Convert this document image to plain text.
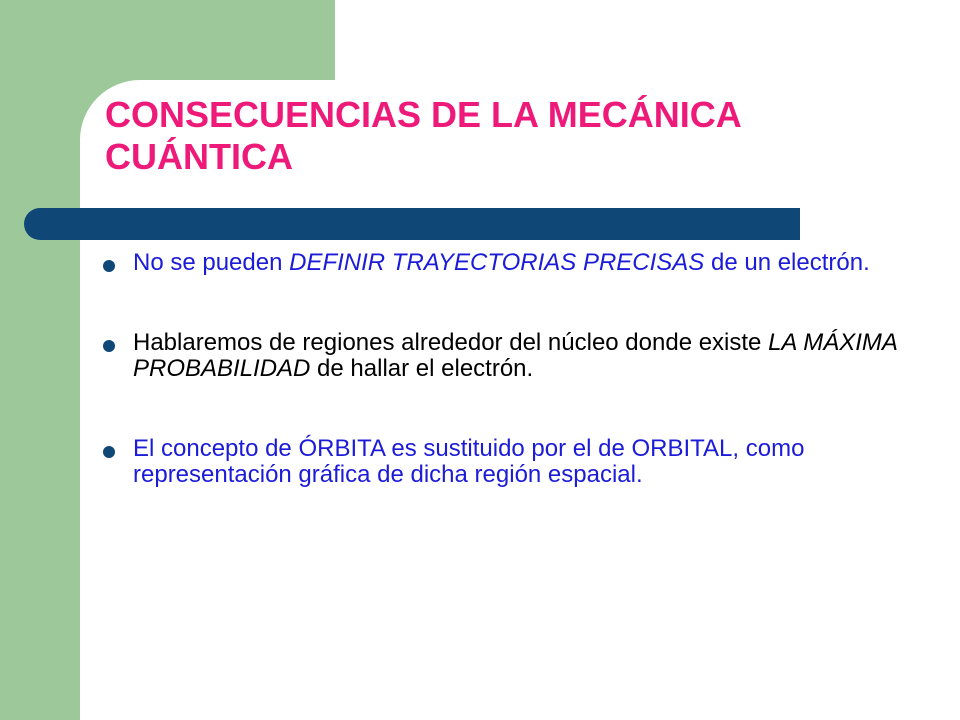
CONSECUENCIAS DE LA MECÁNICA
CUÁNTICA
No se pueden DEFINIR TRAYECTORIAS PRECISAS de un electrón.
Hablaremos de regiones alrededor del núcleo donde existe LA MÁXIMA PROBABILIDAD de hallar el electrón.
El concepto de ÓRBITA es sustituido por el de ORBITAL, como representación gráfica de dicha región espacial.
